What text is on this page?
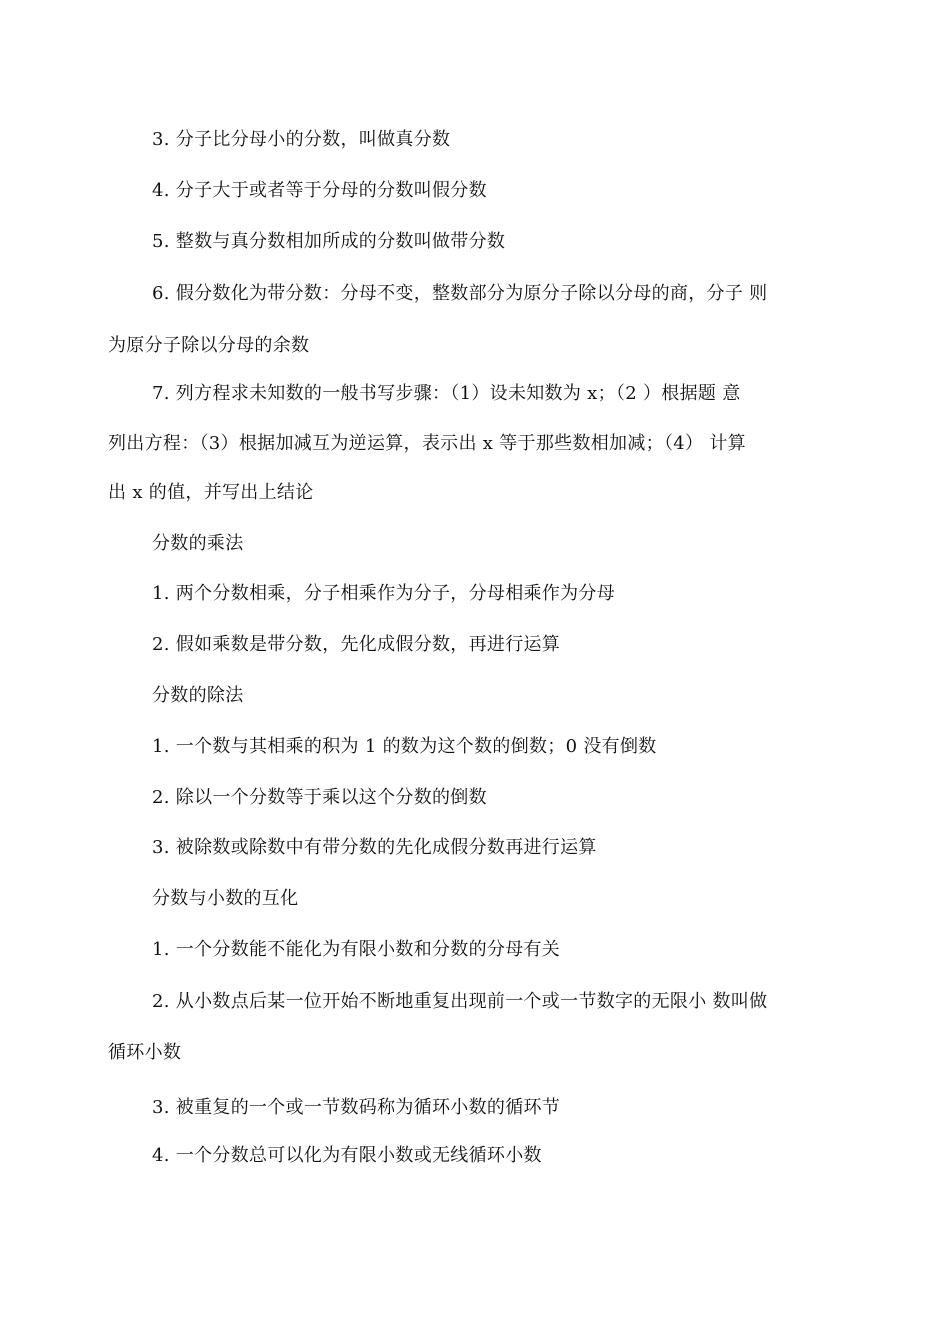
3. 分子比分母小的分数，叫做真分数
4. 分子大于或者等于分母的分数叫假分数
5. 整数与真分数相加所成的分数叫做带分数
6. 假分数化为带分数：分母不变，整数部分为原分子除以分母的商，分子 则
为原分子除以分母的余数
7. 列方程求未知数的一般书写步骤：（1）设未知数为 x；（2 ）根据题 意
列出方程：（3）根据加减互为逆运算，表示出 x 等于那些数相加减；（4） 计算
出 x 的值，并写出上结论
分数的乘法
1. 两个分数相乘，分子相乘作为分子，分母相乘作为分母
2. 假如乘数是带分数，先化成假分数，再进行运算
分数的除法
1. 一个数与其相乘的积为 1 的数为这个数的倒数；0 没有倒数
2. 除以一个分数等于乘以这个分数的倒数
3. 被除数或除数中有带分数的先化成假分数再进行运算
分数与小数的互化
1. 一个分数能不能化为有限小数和分数的分母有关
2. 从小数点后某一位开始不断地重复出现前一个或一节数字的无限小 数叫做
循环小数
3. 被重复的一个或一节数码称为循环小数的循环节
4. 一个分数总可以化为有限小数或无线循环小数
